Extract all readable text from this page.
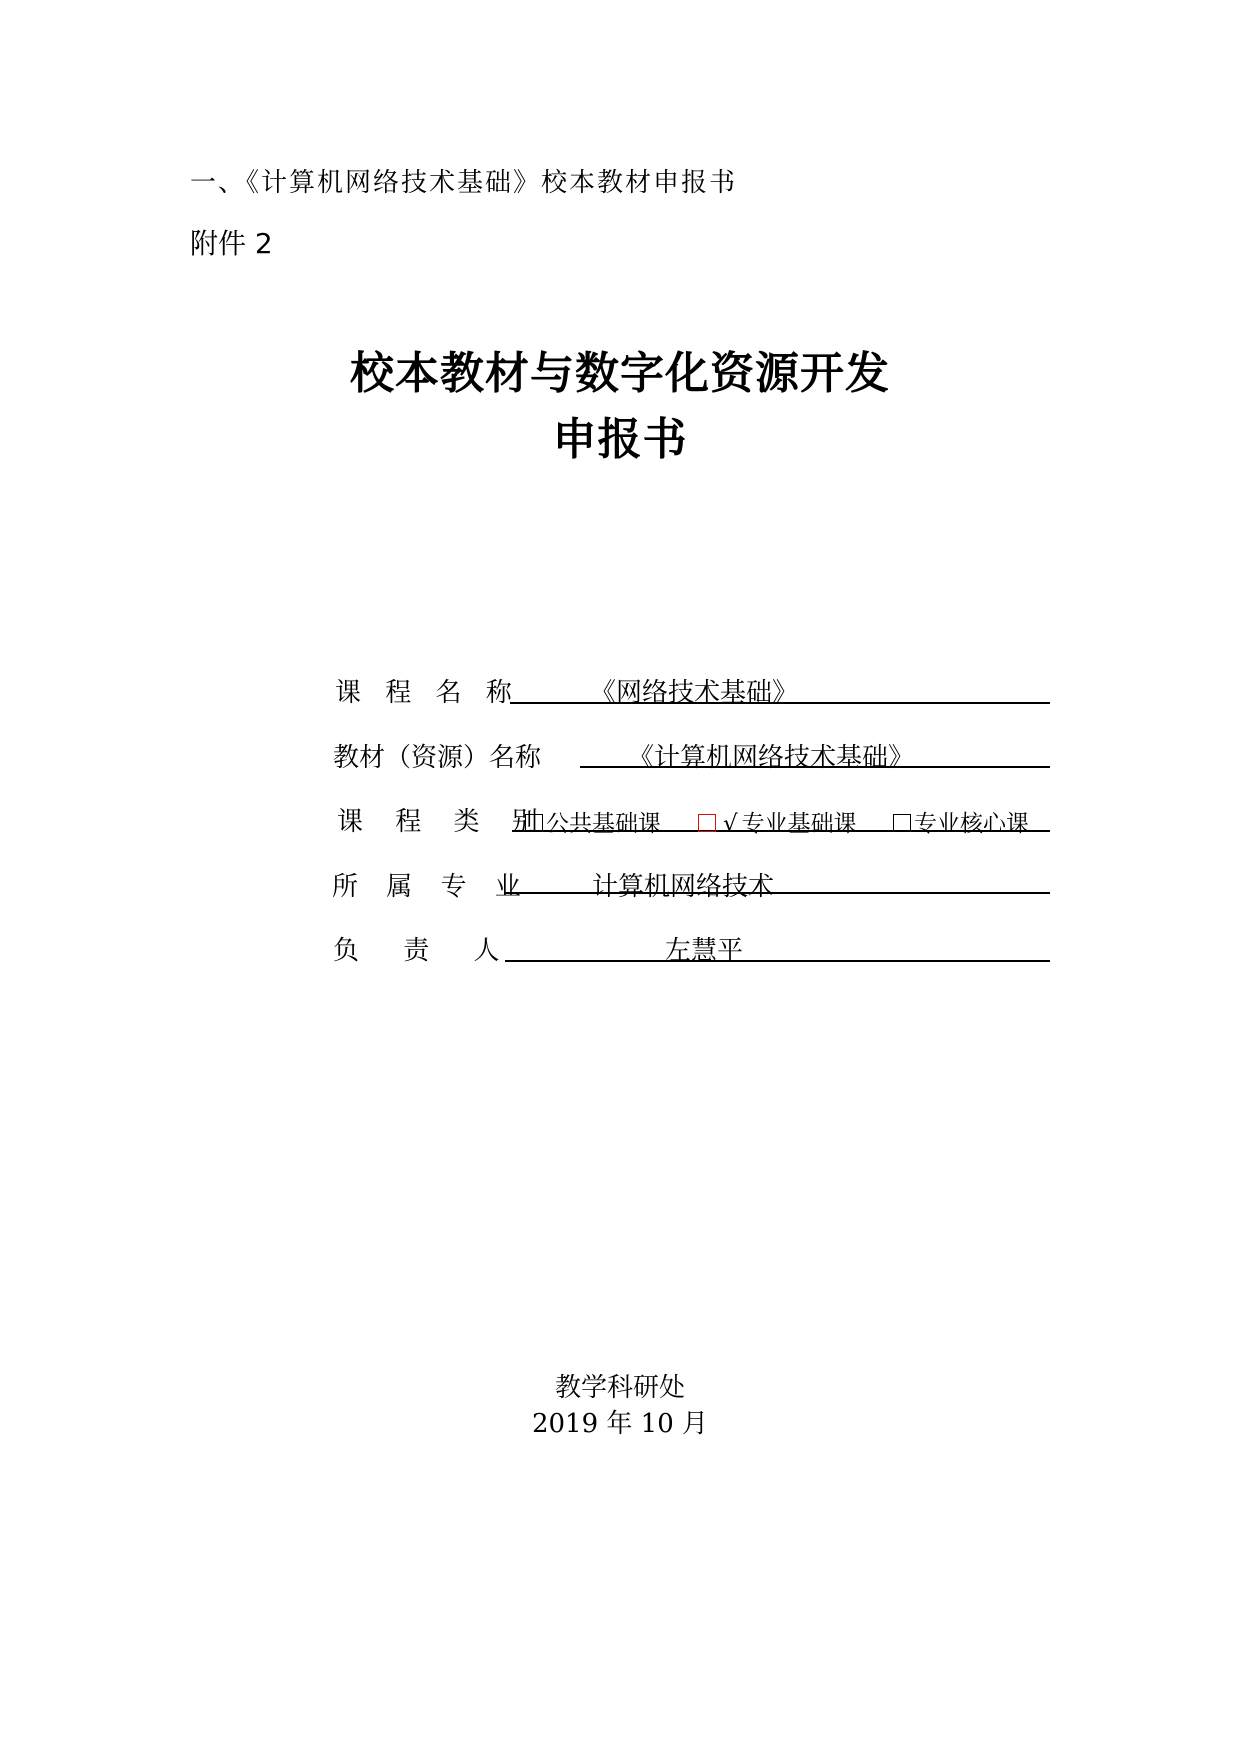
一、《计算机网络技术基础》校本教材申报书
附件 2
校本教材与数字化资源开发
申报书
课 程 名 称	《网络技术基础》
教材（资源）名称	《计算机网络技术基础》
课 程 类 别
公共基础课	√ 专业基础课	专业核心课
所 属 专 业 计算机网络技术
负 责 人	左慧平
教学科研处
2019 年 10 月
